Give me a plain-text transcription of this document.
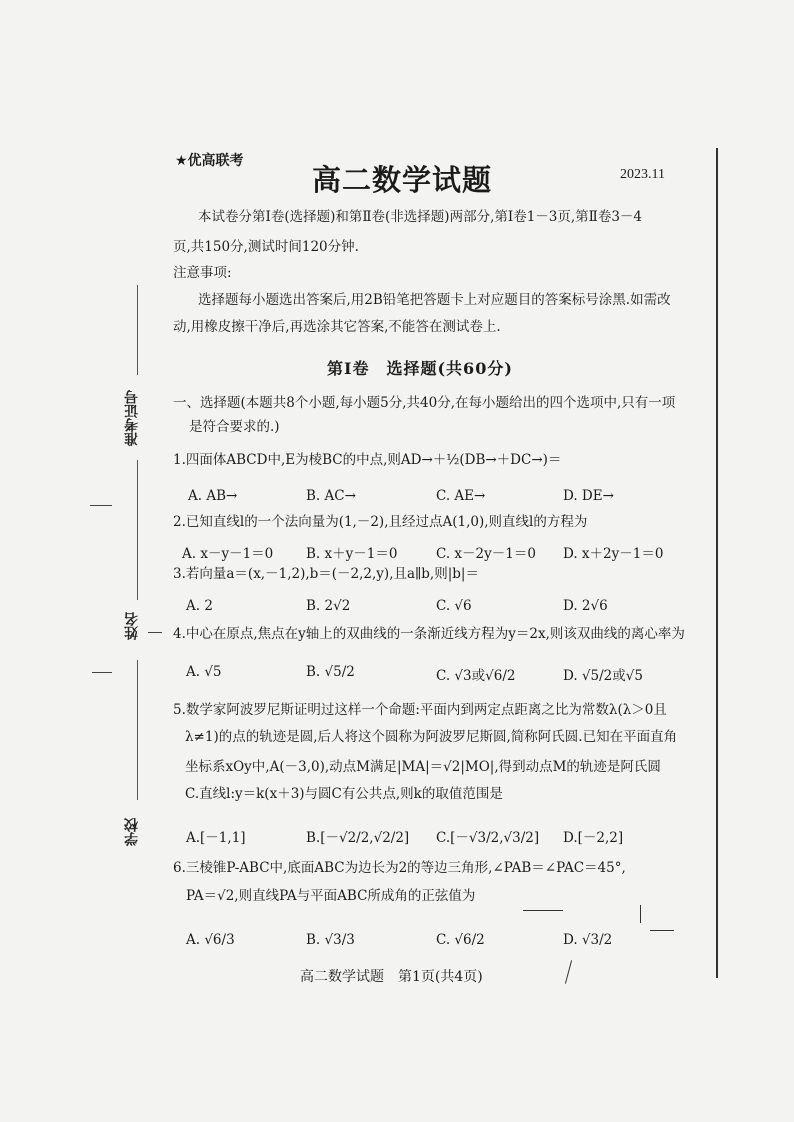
准考证号
姓名
学校
★优高联考
高二数学试题	2023.11
本试卷分第Ⅰ卷(选择题)和第Ⅱ卷(非选择题)两部分,第Ⅰ卷1－3页,第Ⅱ卷3－4
页,共150分,测试时间120分钟.
注意事项:
选择题每小题选出答案后,用2B铅笔把答题卡上对应题目的答案标号涂黑.如需改
动,用橡皮擦干净后,再选涂其它答案,不能答在测试卷上.
第Ⅰ卷　选择题(共60分)
一、选择题(本题共8个小题,每小题5分,共40分,在每小题给出的四个选项中,只有一项
是符合要求的.)
1.四面体ABCD中,E为棱BC的中点,则AD→＋½(DB→＋DC→)＝
A. AB→	B. AC→	C. AE→	D. DE→
2.已知直线l的一个法向量为(1,－2),且经过点A(1,0),则直线l的方程为
A. x－y－1＝0 B. x＋y－1＝0	C. x－2y－1＝0 D. x＋2y－1＝0
3.若向量a＝(x,－1,2),b＝(－2,2,y),且a∥b,则|b|＝
A. 2	B. 2√2	C. √6	D. 2√6
4.中心在原点,焦点在y轴上的双曲线的一条渐近线方程为y＝2x,则该双曲线的离心率为
A. √5	B. √5/2	C. √3或√6/2	D. √5/2或√5
5.数学家阿波罗尼斯证明过这样一个命题:平面内到两定点距离之比为常数λ(λ＞0且
λ≠1)的点的轨迹是圆,后人将这个圆称为阿波罗尼斯圆,简称阿氏圆.已知在平面直角
坐标系xOy中,A(－3,0),动点M满足|MA|＝√2|MO|,得到动点M的轨迹是阿氏圆
C.直线l:y＝k(x＋3)与圆C有公共点,则k的取值范围是
A.[－1,1]	B.[－√2/2,√2/2] C.[－√3/2,√3/2] D.[－2,2]
6.三棱锥P-ABC中,底面ABC为边长为2的等边三角形,∠PAB＝∠PAC＝45°,
PA＝√2,则直线PA与平面ABC所成角的正弦值为
A. √6/3	B. √3/3	C. √6/2	D. √3/2
高二数学试题　第1页(共4页)
